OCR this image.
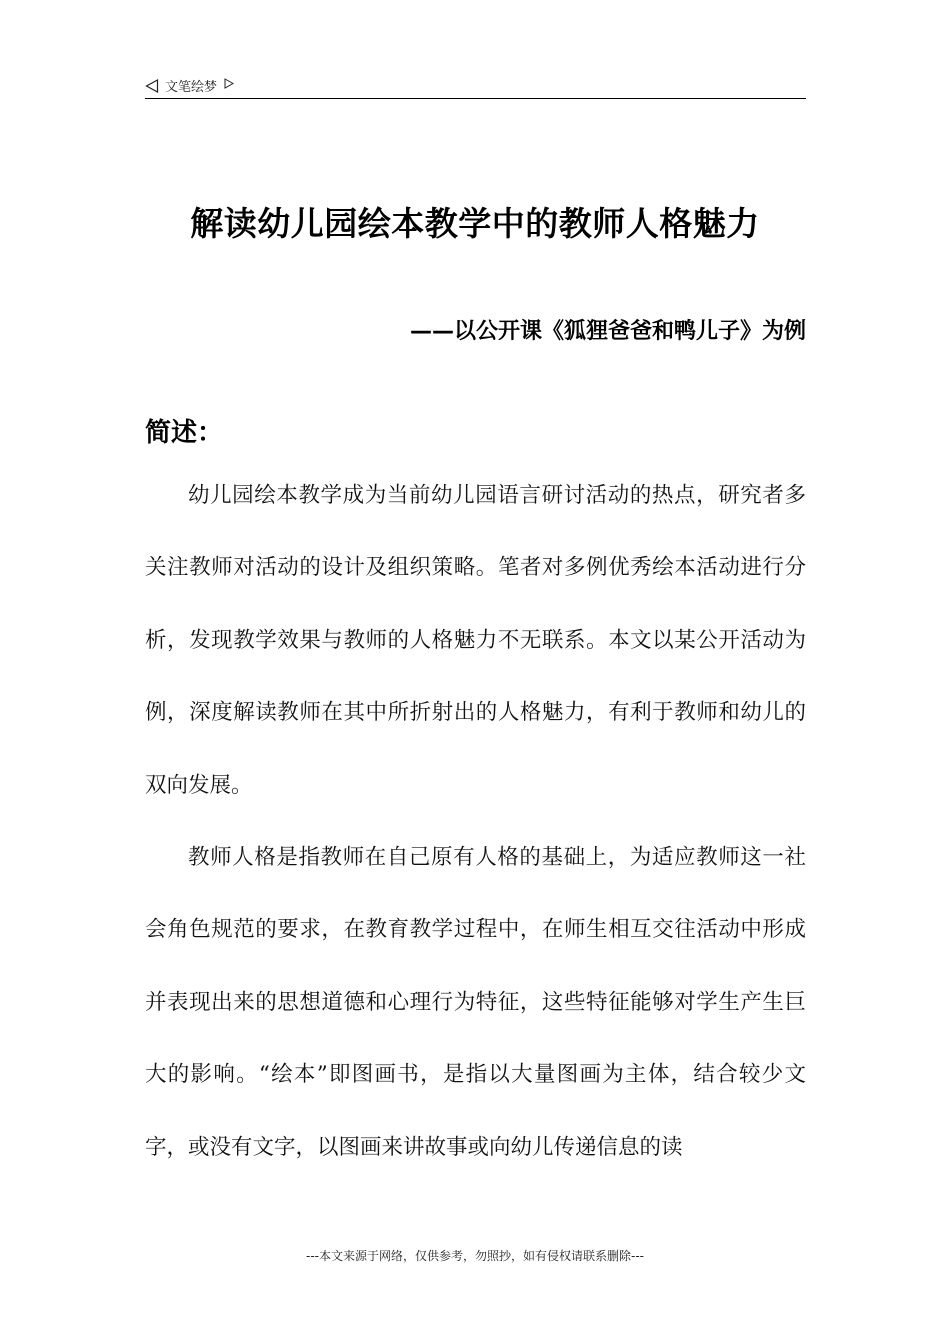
文笔绘梦
解读幼儿园绘本教学中的教师人格魅力
——以公开课《狐狸爸爸和鸭儿子》为例
简述：

幼儿园绘本教学成为当前幼儿园语言研讨活动的热点，研究者多关注教师对活动的设计及组织策略。笔者对多例优秀绘本活动进行分析，发现教学效果与教师的人格魅力不无联系。本文以某公开活动为例，深度解读教师在其中所折射出的人格魅力，有利于教师和幼儿的双向发展。

教师人格是指教师在自己原有人格的基础上，为适应教师这一社会角色规范的要求，在教育教学过程中，在师生相互交往活动中形成并表现出来的思想道德和心理行为特征，这些特征能够对学生产生巨大的影响。“绘本”即图画书，是指以大量图画为主体，结合较少文字，或没有文字，以图画来讲故事或向幼儿传递信息的读

---本文来源于网络，仅供参考，勿照抄，如有侵权请联系删除---
